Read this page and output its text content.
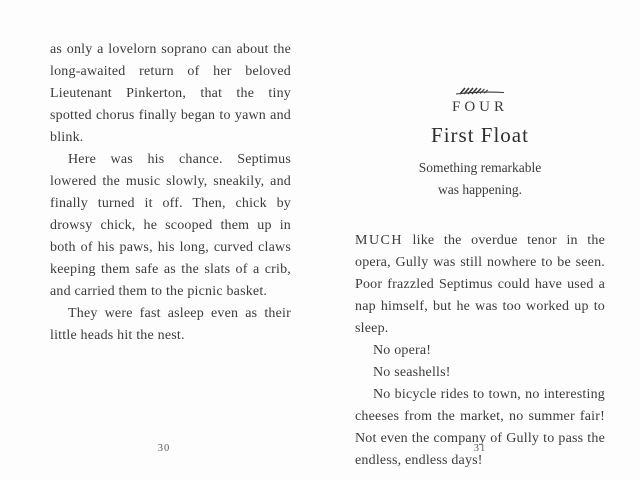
as only a lovelorn soprano can about the long-awaited return of her beloved Lieutenant Pinkerton, that the tiny spotted chorus finally began to yawn and blink.

Here was his chance. Septimus lowered the music slowly, sneakily, and finally turned it off. Then, chick by drowsy chick, he scooped them up in both of his paws, his long, curved claws keeping them safe as the slats of a crib, and carried them to the picnic basket.

They were fast asleep even as their little heads hit the nest.

FOUR
First Float
Something remarkable
was happening.

MUCH like the overdue tenor in the opera, Gully was still nowhere to be seen. Poor frazzled Septimus could have used a nap himself, but he was too worked up to sleep.

No opera!

No seashells!

No bicycle rides to town, no interesting cheeses from the market, no summer fair! Not even the company of Gully to pass the endless, endless days!

30	31
